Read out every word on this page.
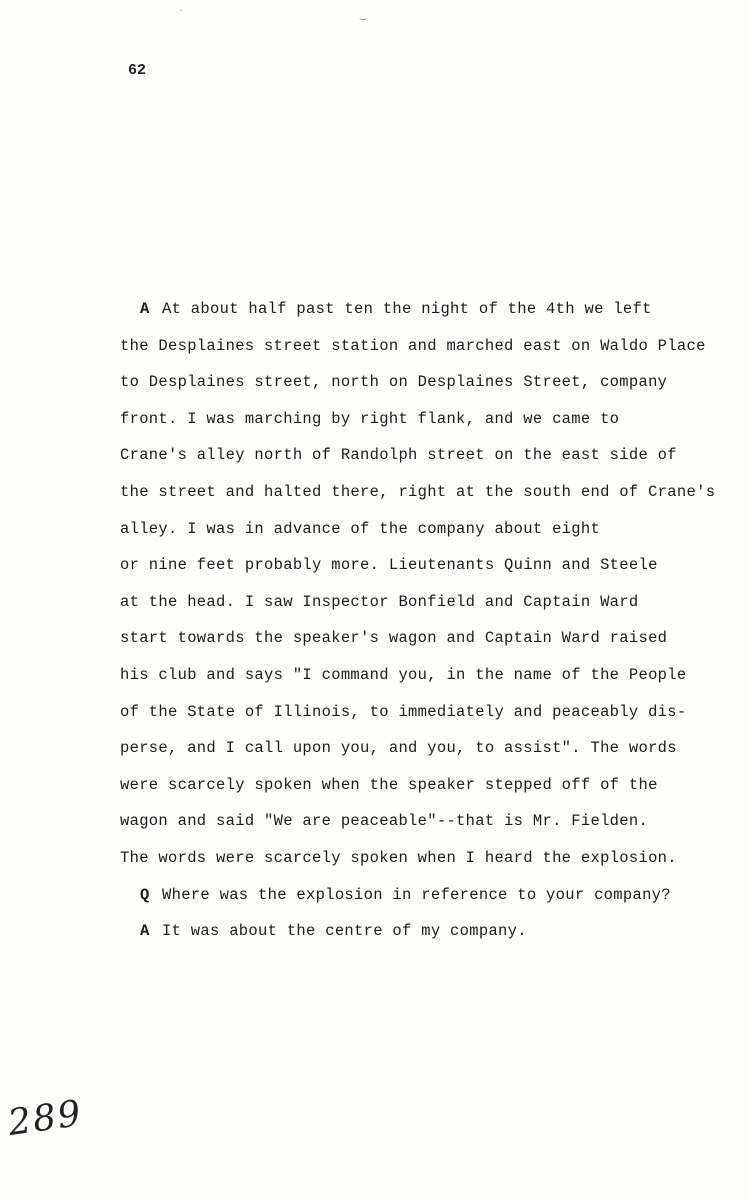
`	‿
62
A At about half past ten the night of the 4th we left
the Desplaines street station and marched east on Waldo Place
to Desplaines street, north on Desplaines Street, company
front. I was marching by right flank, and we came to
Crane's alley north of Randolph street on the east side of
the street and halted there, right at the south end of Crane's
alley. I was in advance of the company about eight
or nine feet probably more. Lieutenants Quinn and Steele
at the head. I saw Inspector Bonfield and Captain Ward
start towards the speaker's wagon and Captain Ward raised
his club and says "I command you, in the name of the People
of the State of Illinois, to immediately and peaceably dis-
perse, and I call upon you, and you, to assist". The words
were scarcely spoken when the speaker stepped off of the
wagon and said "We are peaceable"--that is Mr. Fielden.
The words were scarcely spoken when I heard the explosion.
Q Where was the explosion in reference to your company?
A It was about the centre of my company.
289
